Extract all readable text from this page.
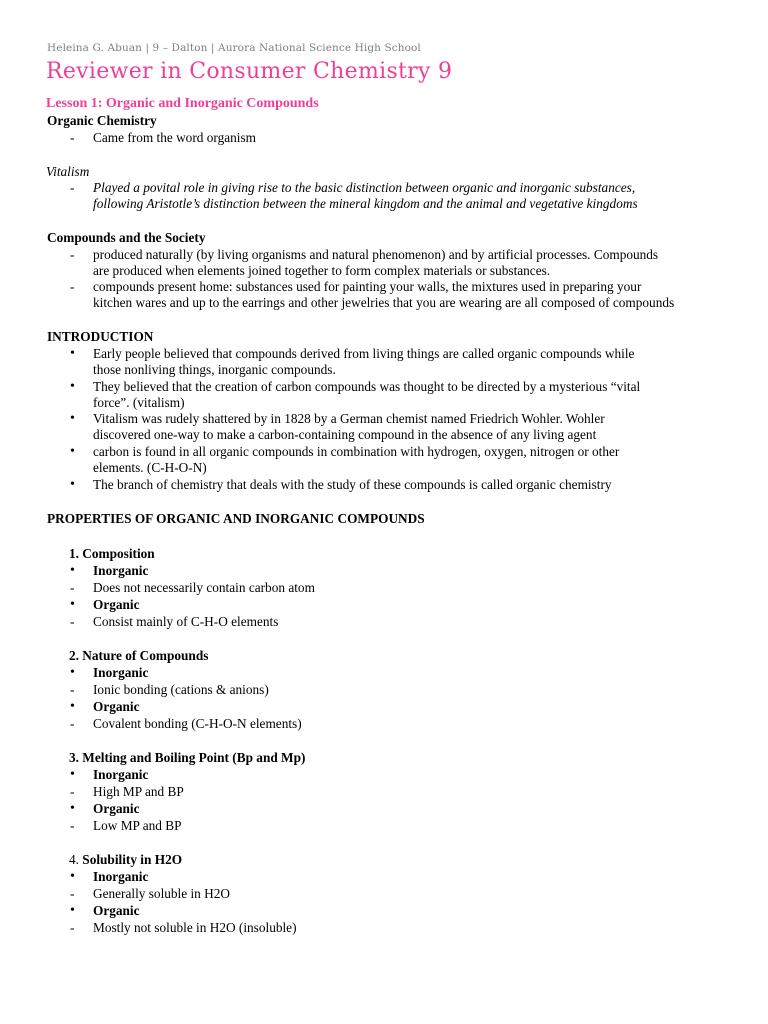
Heleina G. Abuan | 9 – Dalton | Aurora National Science High School
Reviewer in Consumer Chemistry 9
Lesson 1: Organic and Inorganic Compounds
Organic Chemistry
- Came from the word organism
Vitalism
- Played a povital role in giving rise to the basic distinction between organic and inorganic substances,
following Aristotle’s distinction between the mineral kingdom and the animal and vegetative kingdoms
Compounds and the Society
- produced naturally (by living organisms and natural phenomenon) and by artificial processes. Compounds
are produced when elements joined together to form complex materials or substances.
- compounds present home: substances used for painting your walls, the mixtures used in preparing your
kitchen wares and up to the earrings and other jewelries that you are wearing are all composed of compounds
INTRODUCTION
• Early people believed that compounds derived from living things are called organic compounds while
those nonliving things, inorganic compounds.
• They believed that the creation of carbon compounds was thought to be directed by a mysterious “vital
force”. (vitalism)
• Vitalism was rudely shattered by in 1828 by a German chemist named Friedrich Wohler. Wohler
discovered one-way to make a carbon-containing compound in the absence of any living agent
• carbon is found in all organic compounds in combination with hydrogen, oxygen, nitrogen or other
elements. (C-H-O-N)
• The branch of chemistry that deals with the study of these compounds is called organic chemistry
PROPERTIES OF ORGANIC AND INORGANIC COMPOUNDS
1. Composition
• Inorganic
- Does not necessarily contain carbon atom
• Organic
- Consist mainly of C-H-O elements
2. Nature of Compounds
• Inorganic
- Ionic bonding (cations & anions)
• Organic
- Covalent bonding (C-H-O-N elements)
3. Melting and Boiling Point (Bp and Mp)
• Inorganic
- High MP and BP
• Organic
- Low MP and BP
4. Solubility in H2O
• Inorganic
- Generally soluble in H2O
• Organic
- Mostly not soluble in H2O (insoluble)
